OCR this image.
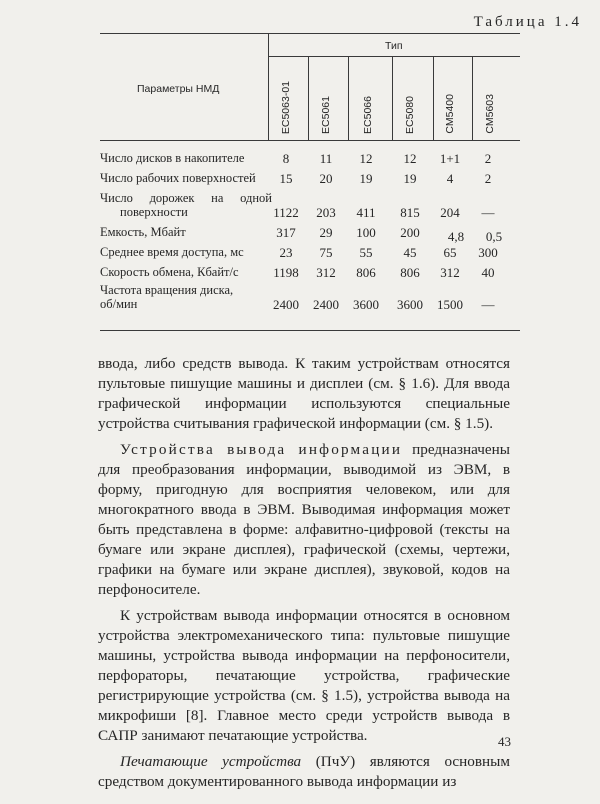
Таблица 1.4
Параметры НМД
Тип
ЕС5063-01	ЕС5061	ЕС5066	ЕС5080	СМ5400	СМ5603
Число дисков в накопителе	8	11	12	12	1+1	2
Число рабочих поверхностей	15	20	19	19	4	2
Число дорожек на одной
поверхности	1122	203	411	815	204	—
Емкость, Мбайт	317	29	100	200	4,8	0,5
Среднее время доступа, мс	23	75	55	45	65	300
Скорость обмена, Кбайт/с	1198	312	806	806	312	40
Частота вращения диска,
об/мин	2400	2400	3600	3600	1500	—

ввода, либо средств вывода. К таким устройствам относятся пультовые пишущие машины и дисплеи (см. § 1.6). Для ввода графической информации используются специальные устройства считывания графической информации (см. § 1.5).

Устройства вывода информации предназначены для преобразования информации, выводимой из ЭВМ, в форму, пригодную для восприятия человеком, или для многократного ввода в ЭВМ. Выводимая информация может быть представлена в форме: алфавитно-цифровой (тексты на бумаге или экране дисплея), графической (схемы, чертежи, графики на бумаге или экране дисплея), звуковой, кодов на перфоносителе.

К устройствам вывода информации относятся в основном устройства электромеханического типа: пультовые пишущие машины, устройства вывода информации на перфоносители, перфораторы, печатающие устройства, графические регистрирующие устройства (см. § 1.5), устройства вывода на микрофиши [8]. Главное место среди устройств вывода в САПР занимают печатающие устройства.

Печатающие устройства (ПчУ) являются основным средством документированного вывода информации из

43
